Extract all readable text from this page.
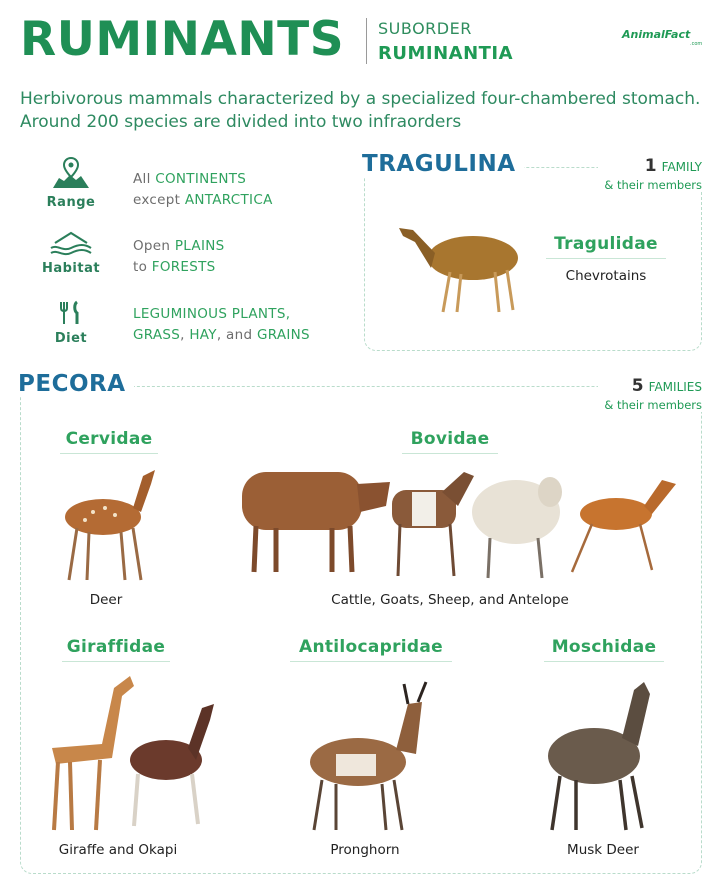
RUMINANTS SUBORDER
RUMINANTIA
AnimalFact
.com
Herbivorous mammals characterized by a specialized four-chambered stomach. Around 200 species are divided into two infraorders
Range
All CONTINENTS
except ANTARCTICA
Habitat
Open PLAINS
to FORESTS
Diet
LEGUMINOUS PLANTS,
GRASS, HAY, and GRAINS
TRAGULINA	1 FAMILY
& their members
Tragulidae
Chevrotains
PECORA	5 FAMILIES
& their members
Cervidae
Deer
Bovidae
Cattle, Goats, Sheep, and Antelope
Giraffidae
Giraffe and Okapi
Antilocapridae
Pronghorn
Moschidae
Musk Deer
